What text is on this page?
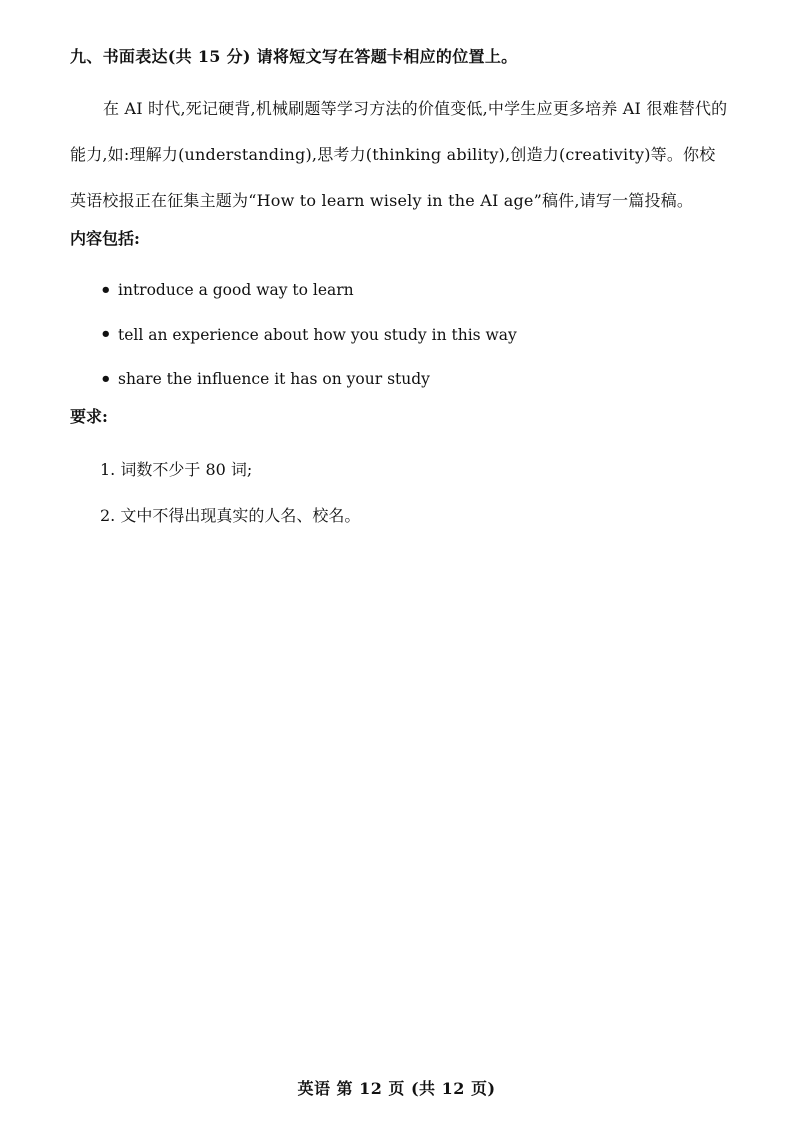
九、书面表达(共 15 分) 请将短文写在答题卡相应的位置上。

在 AI 时代,死记硬背,机械刷题等学习方法的价值变低,中学生应更多培养 AI 很难替代的能力,如:理解力(understanding),思考力(thinking ability),创造力(creativity)等。你校英语校报正在征集主题为“How to learn wisely in the AI age”稿件,请写一篇投稿。

内容包括:
• introduce a good way to learn
• tell an experience about how you study in this way
• share the influence it has on your study
要求:
1. 词数不少于 80 词;
2. 文中不得出现真实的人名、校名。
英语 第 12 页 (共 12 页)
